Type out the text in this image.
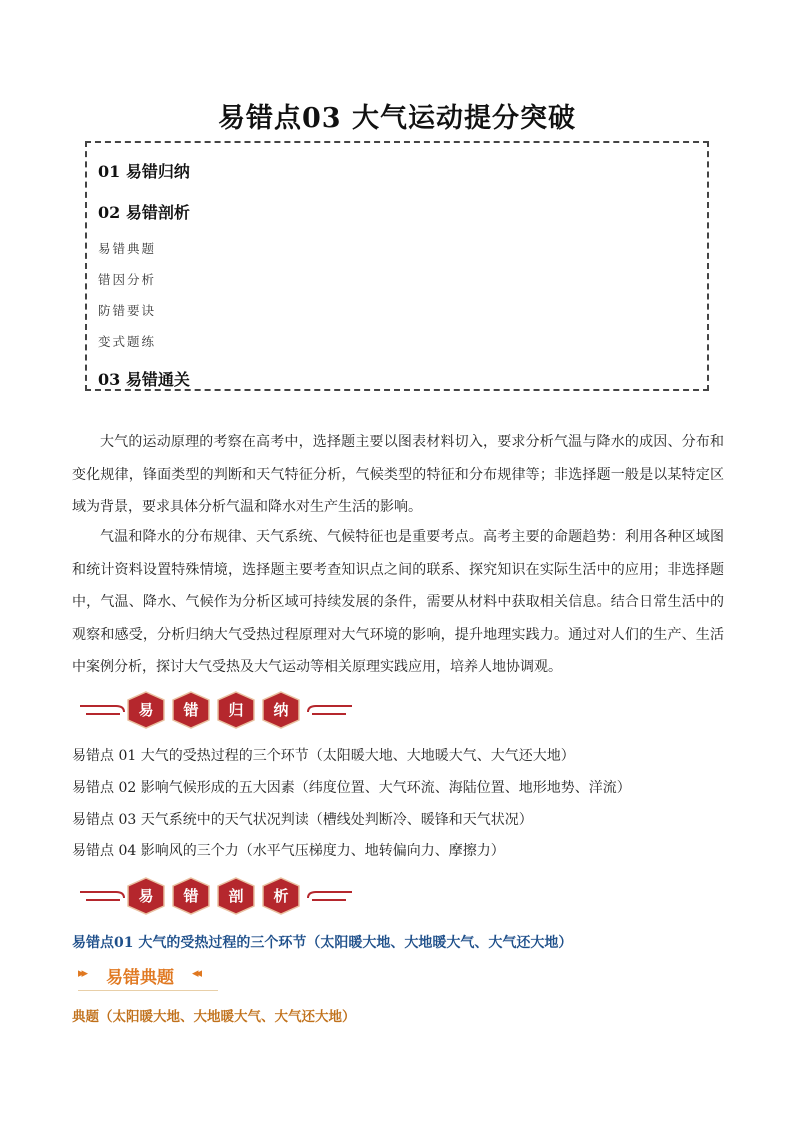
易错点03 大气运动提分突破
01 易错归纳
02 易错剖析
易错典题
错因分析
防错要诀
变式题练
03 易错通关
大气的运动原理的考察在高考中，选择题主要以图表材料切入，要求分析气温与降水的成因、分布和变化规律，锋面类型的判断和天气特征分析，气候类型的特征和分布规律等；非选择题一般是以某特定区域为背景，要求具体分析气温和降水对生产生活的影响。
气温和降水的分布规律、天气系统、气候特征也是重要考点。高考主要的命题趋势：利用各种区域图和统计资料设置特殊情境，选择题主要考查知识点之间的联系、探究知识在实际生活中的应用；非选择题中，气温、降水、气候作为分析区域可持续发展的条件，需要从材料中获取相关信息。结合日常生活中的观察和感受，分析归纳大气受热过程原理对大气环境的影响，提升地理实践力。通过对人们的生产、生活中案例分析，探讨大气受热及大气运动等相关原理实践应用，培养人地协调观。
易	错	归	纳
易错点 01 大气的受热过程的三个环节（太阳暖大地、大地暖大气、大气还大地）
易错点 02 影响气候形成的五大因素（纬度位置、大气环流、海陆位置、地形地势、洋流）
易错点 03 天气系统中的天气状况判读（槽线处判断冷、暖锋和天气状况）
易错点 04 影响风的三个力（水平气压梯度力、地转偏向力、摩擦力）
易	错	剖	析
易错点01 大气的受热过程的三个环节（太阳暖大地、大地暖大气、大气还大地）
▸▸ 易错典题 ◂◂
典题（太阳暖大地、大地暖大气、大气还大地）
